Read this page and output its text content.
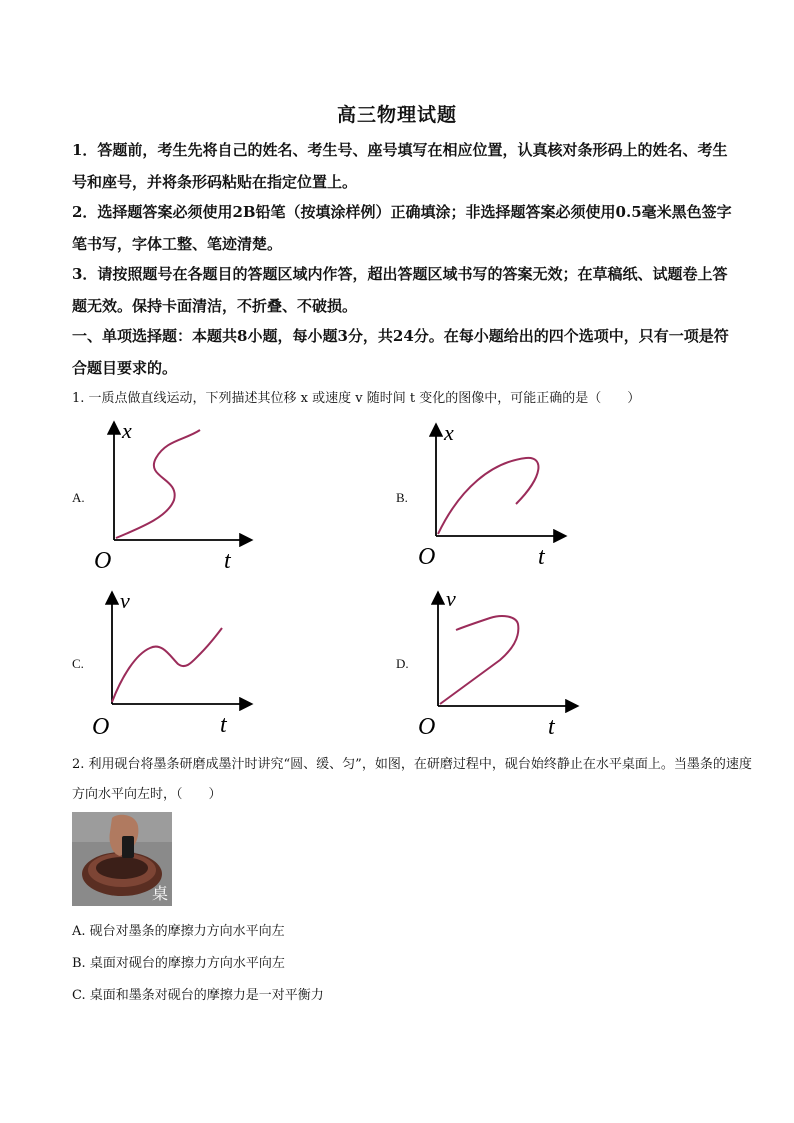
高三物理试题
1．答题前，考生先将自己的姓名、考生号、座号填写在相应位置，认真核对条形码上的姓名、考生号和座号，并将条形码粘贴在指定位置上。
2．选择题答案必须使用2B铅笔（按填涂样例）正确填涂；非选择题答案必须使用0.5毫米黑色签字笔书写，字体工整、笔迹清楚。
3．请按照题号在各题目的答题区域内作答，超出答题区域书写的答案无效；在草稿纸、试题卷上答题无效。保持卡面清洁，不折叠、不破损。
一、单项选择题：本题共8小题，每小题3分，共24分。在每小题给出的四个选项中，只有一项是符合题目要求的。
1. 一质点做直线运动，下列描述其位移 x 或速度 v 随时间 t 变化的图像中，可能正确的是（　　）
A.
x
O	t
B.
x
O	t
C.
v
O	t
D.
v
O	t
2. 利用砚台将墨条研磨成墨汁时讲究“圆、缓、匀”，如图，在研磨过程中，砚台始终静止在水平桌面上。当墨条的速度方向水平向左时，（　　）
桌
A. 砚台对墨条的摩擦力方向水平向左
B. 桌面对砚台的摩擦力方向水平向左
C. 桌面和墨条对砚台的摩擦力是一对平衡力
